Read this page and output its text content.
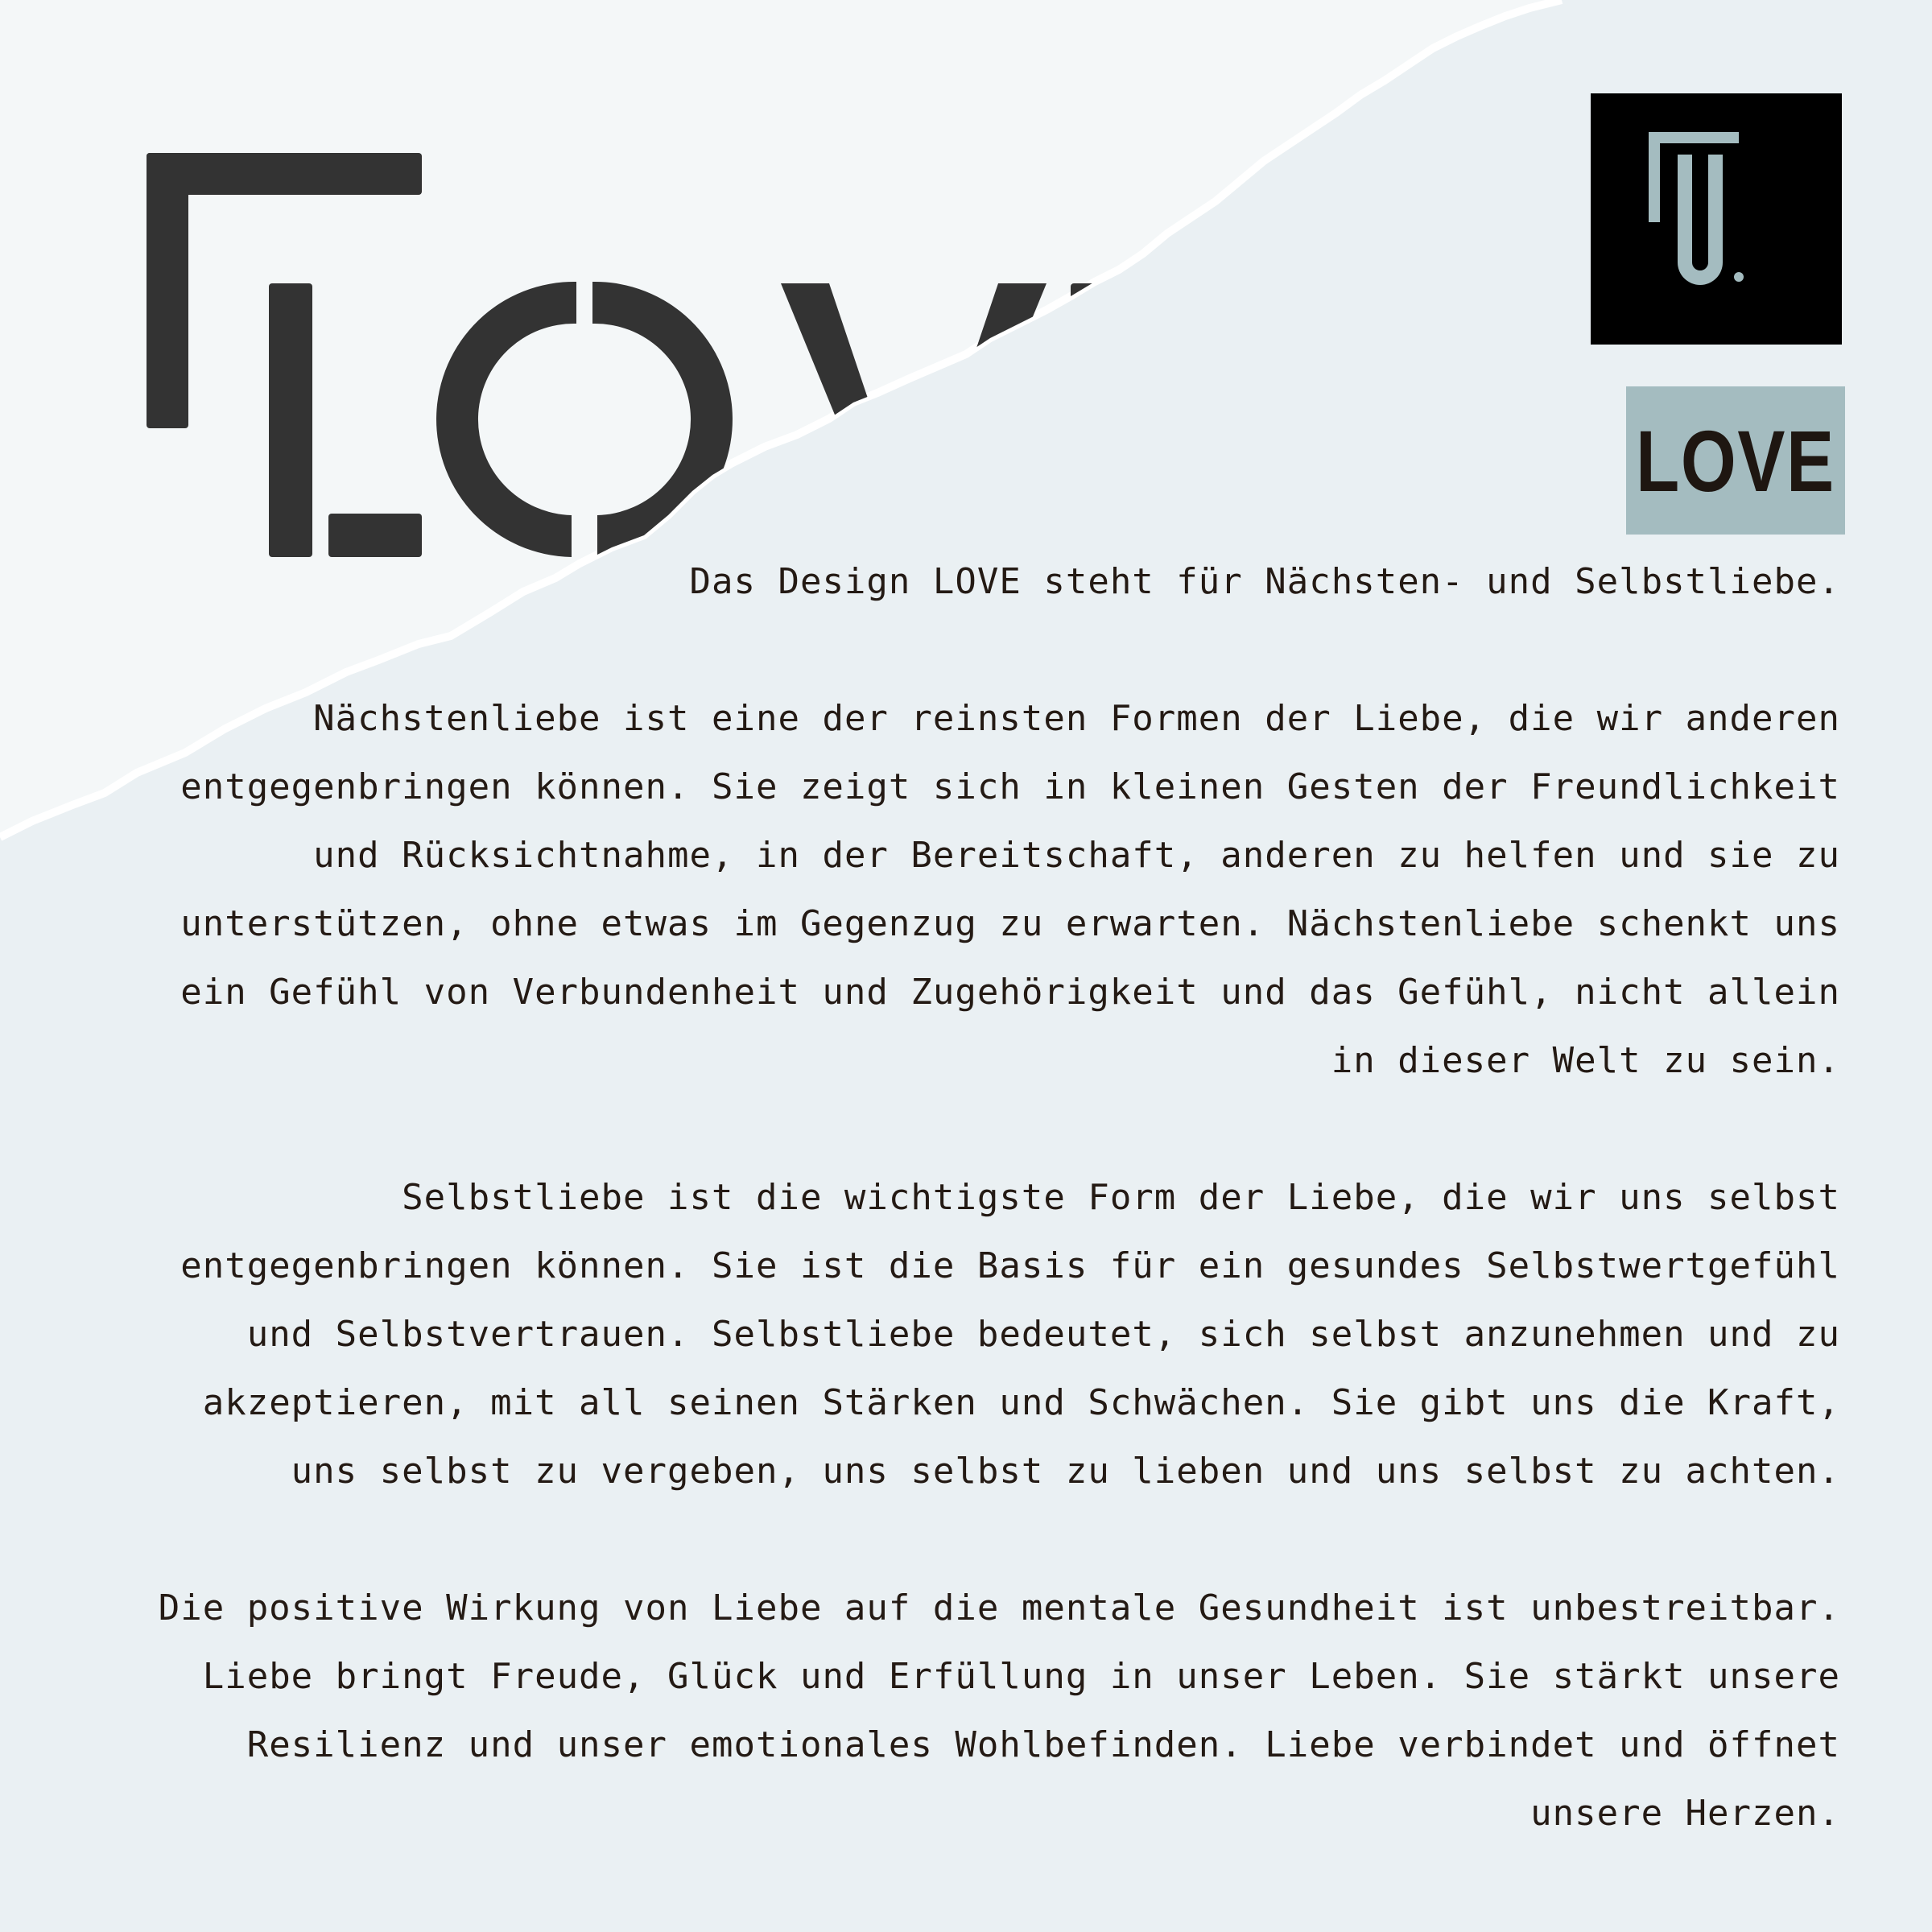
LOVE

Das Design LOVE steht für Nächsten- und Selbstliebe.

Nächstenliebe ist eine der reinsten Formen der Liebe, die wir anderen entgegenbringen können. Sie zeigt sich in kleinen Gesten der Freundlichkeit und Rücksichtnahme, in der Bereitschaft, anderen zu helfen und sie zu unterstützen, ohne etwas im Gegenzug zu erwarten. Nächstenliebe schenkt uns ein Gefühl von Verbundenheit und Zugehörigkeit und das Gefühl, nicht allein in dieser Welt zu sein.

Selbstliebe ist die wichtigste Form der Liebe, die wir uns selbst entgegenbringen können. Sie ist die Basis für ein gesundes Selbstwertgefühl und Selbstvertrauen. Selbstliebe bedeutet, sich selbst anzunehmen und zu akzeptieren, mit all seinen Stärken und Schwächen. Sie gibt uns die Kraft, uns selbst zu vergeben, uns selbst zu lieben und uns selbst zu achten.

Die positive Wirkung von Liebe auf die mentale Gesundheit ist unbestreitbar. Liebe bringt Freude, Glück und Erfüllung in unser Leben. Sie stärkt unsere Resilienz und unser emotionales Wohlbefinden. Liebe verbindet und öffnet unsere Herzen.
